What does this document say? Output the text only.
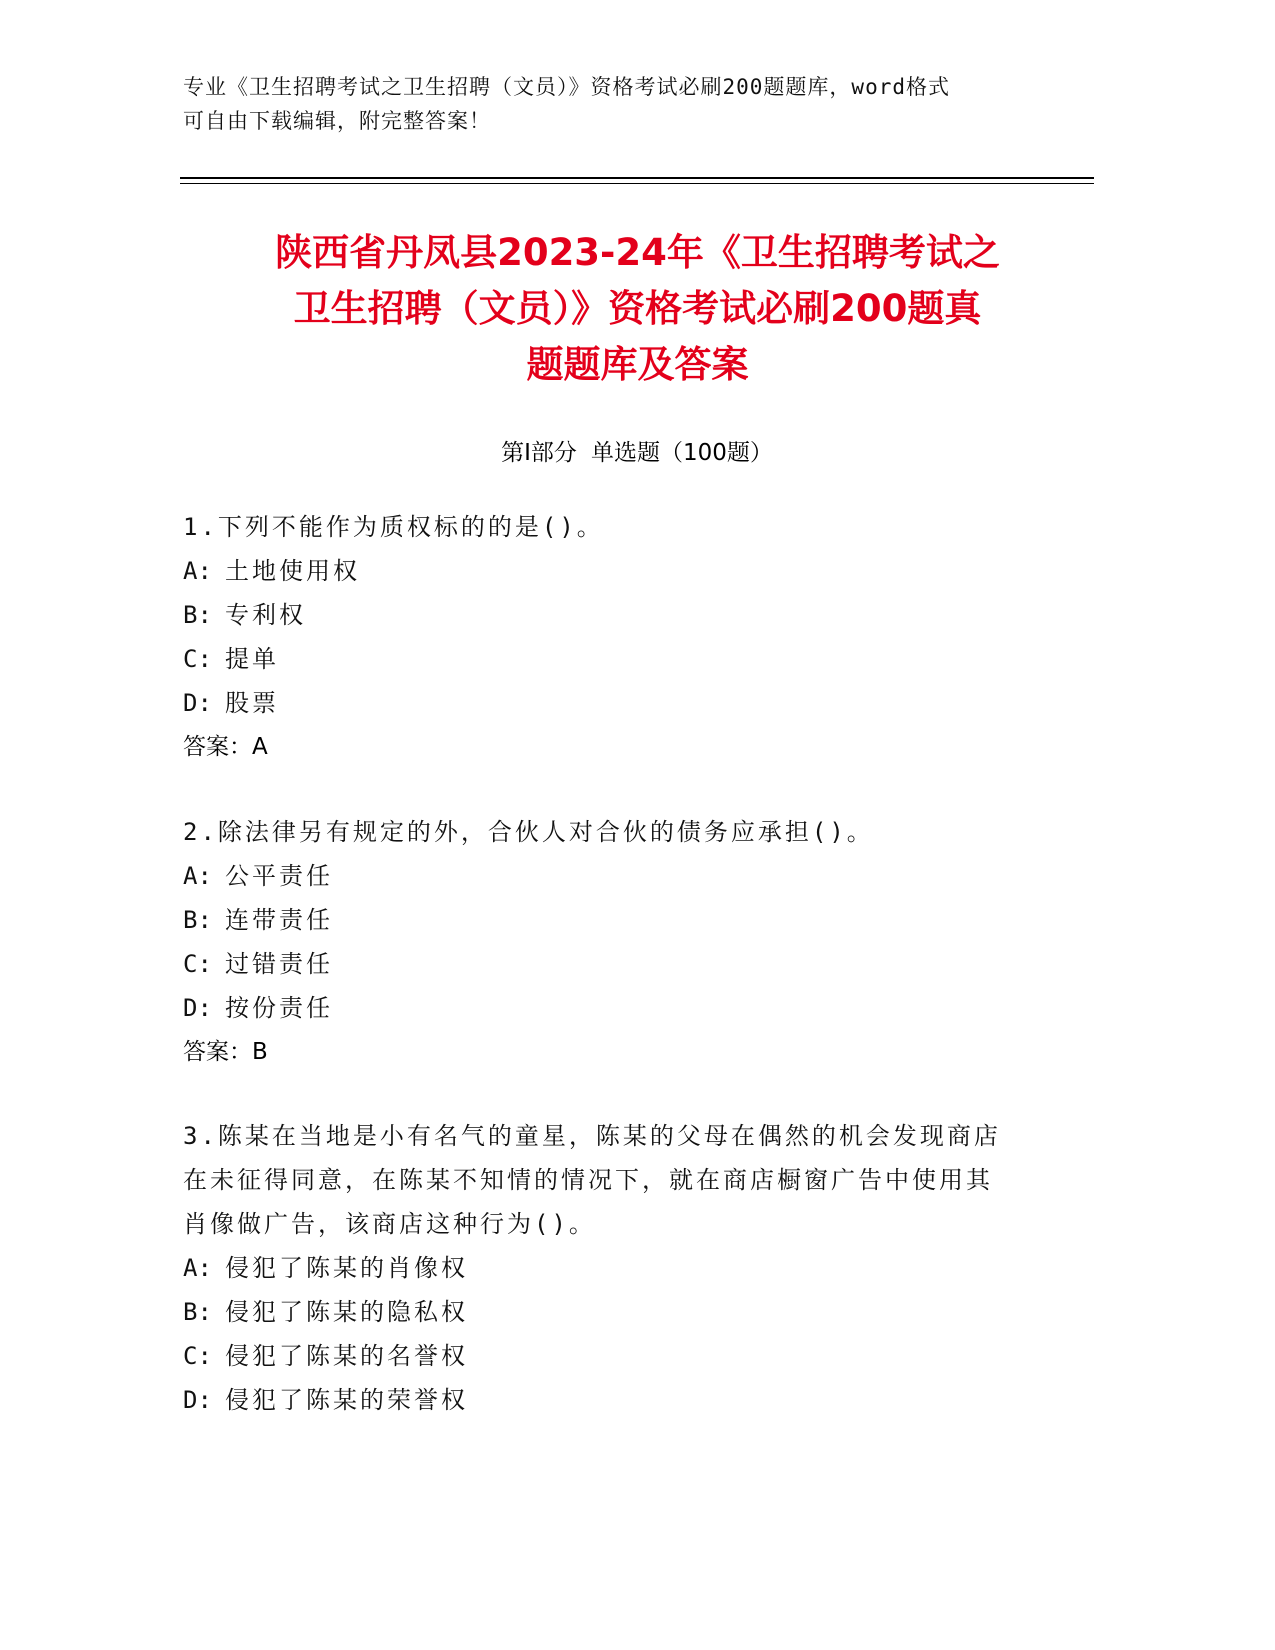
专业《卫生招聘考试之卫生招聘（文员）》资格考试必刷200题题库，word格式
可自由下载编辑，附完整答案！
陕西省丹凤县2023-24年《卫生招聘考试之
卫生招聘（文员）》资格考试必刷200题真
题题库及答案
第Ⅰ部分 单选题（100题）
1.下列不能作为质权标的的是()。
A: 土地使用权
B: 专利权
C: 提单
D: 股票
答案：A
2.除法律另有规定的外，合伙人对合伙的债务应承担()。
A: 公平责任
B: 连带责任
C: 过错责任
D: 按份责任
答案：B
3.陈某在当地是小有名气的童星，陈某的父母在偶然的机会发现商店
在未征得同意，在陈某不知情的情况下，就在商店橱窗广告中使用其
肖像做广告，该商店这种行为()。
A: 侵犯了陈某的肖像权
B: 侵犯了陈某的隐私权
C: 侵犯了陈某的名誉权
D: 侵犯了陈某的荣誉权
